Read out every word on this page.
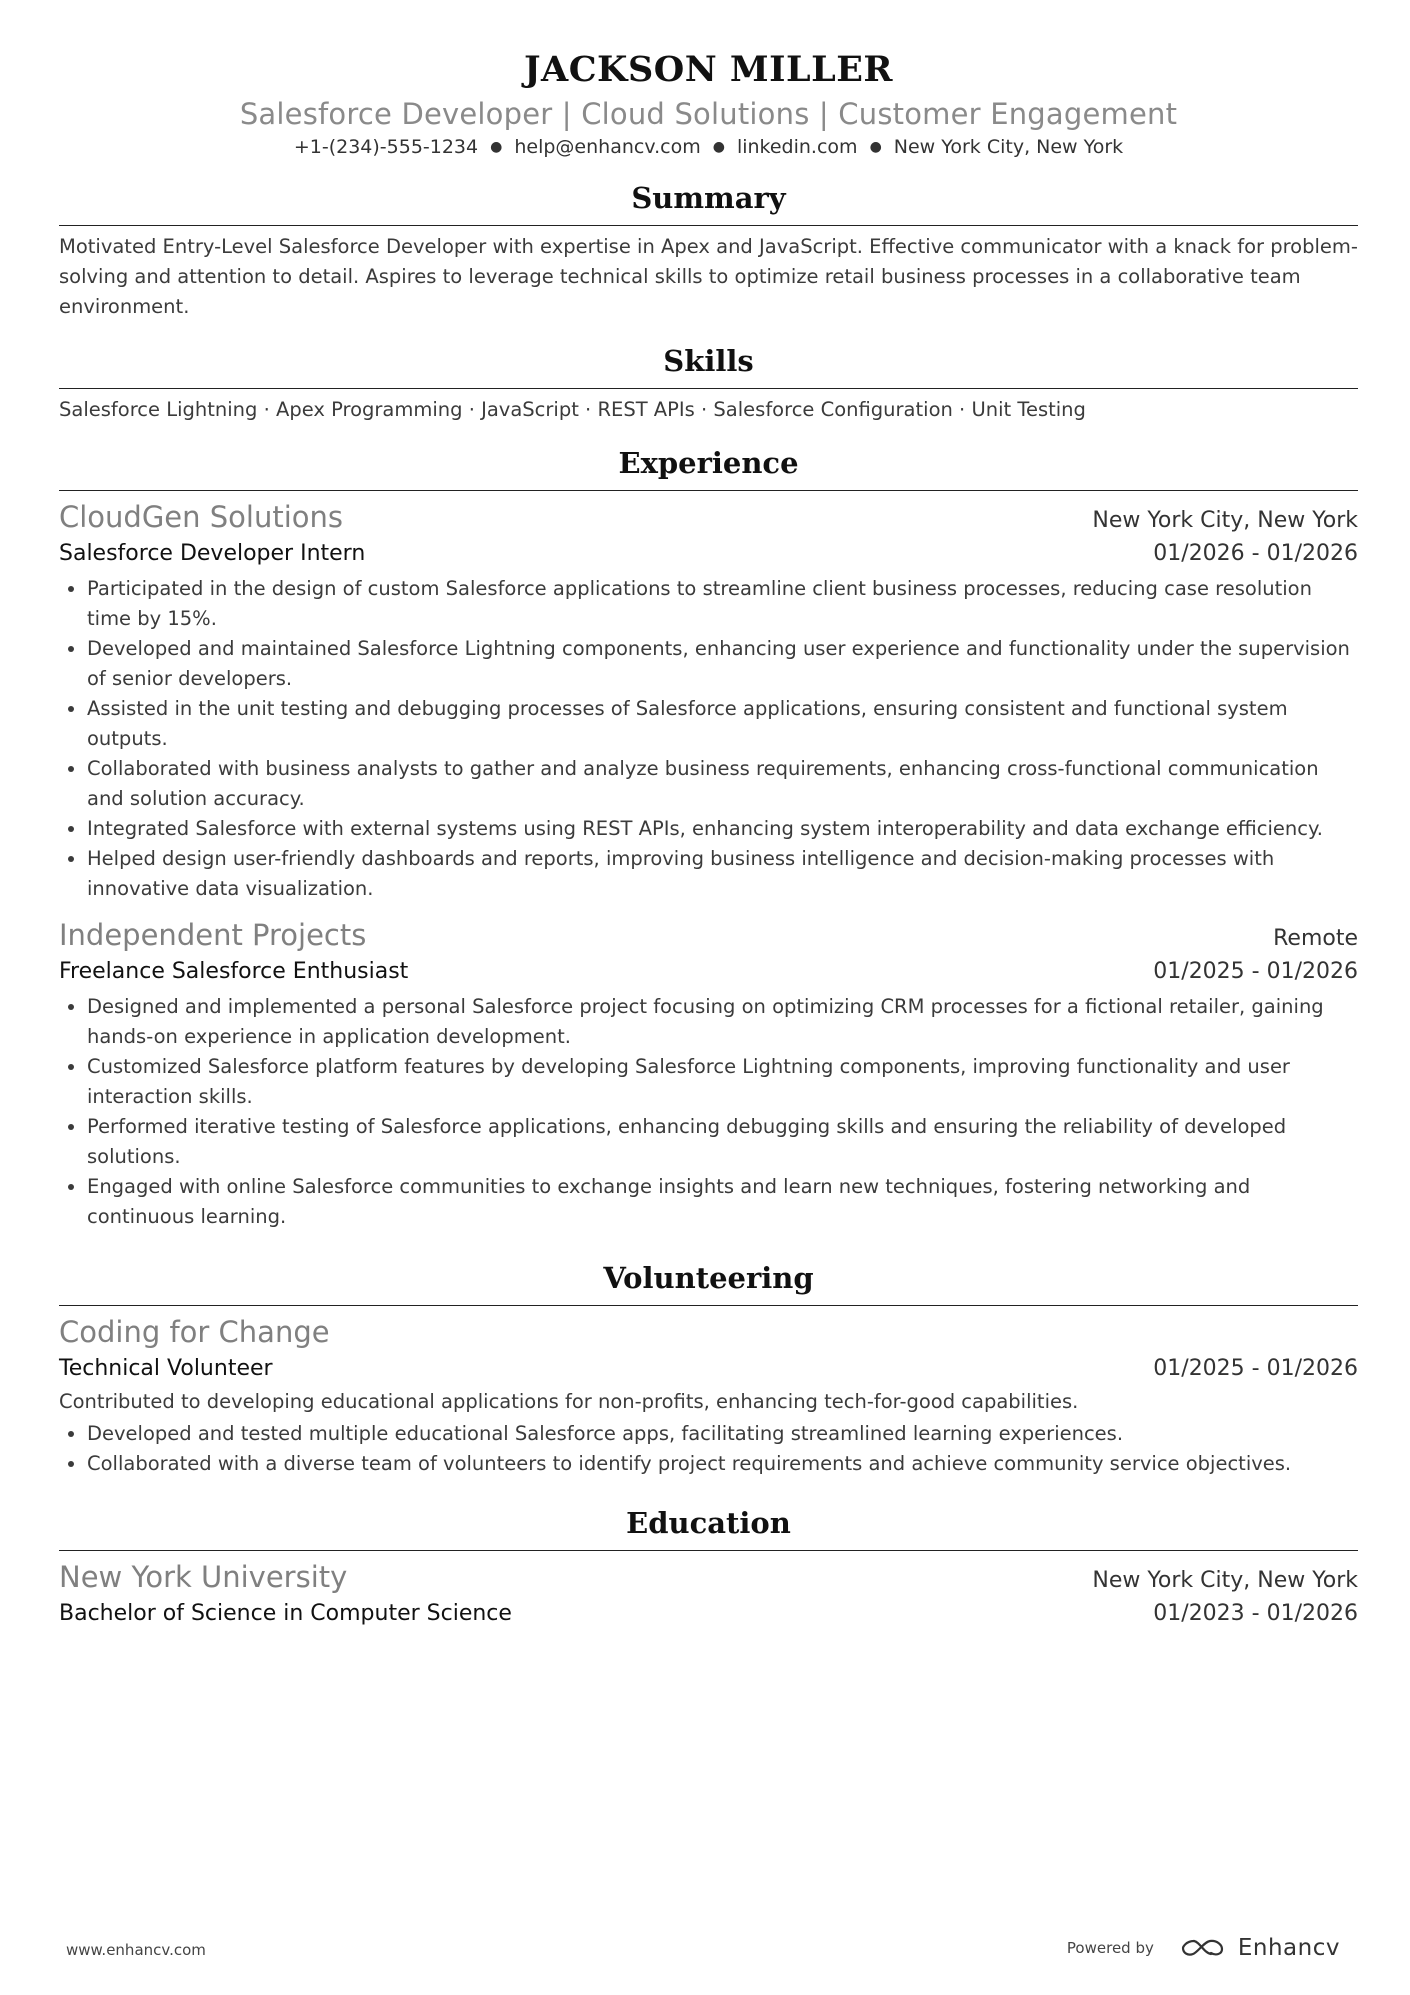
JACKSON MILLER
Salesforce Developer | Cloud Solutions | Customer Engagement
+1-(234)-555-1234 ● help@enhancv.com ● linkedin.com ● New York City, New York
Summary
Motivated Entry-Level Salesforce Developer with expertise in Apex and JavaScript. Effective communicator with a knack for problem-solving and attention to detail. Aspires to leverage technical skills to optimize retail business processes in a collaborative team environment.
Skills
Salesforce Lightning · Apex Programming · JavaScript · REST APIs · Salesforce Configuration · Unit Testing
Experience
CloudGen Solutions	New York City, New York
Salesforce Developer Intern	01/2026 - 01/2026
• Participated in the design of custom Salesforce applications to streamline client business processes, reducing case resolution time by 15%.
• Developed and maintained Salesforce Lightning components, enhancing user experience and functionality under the supervision of senior developers.
• Assisted in the unit testing and debugging processes of Salesforce applications, ensuring consistent and functional system outputs.
• Collaborated with business analysts to gather and analyze business requirements, enhancing cross-functional communication and solution accuracy.
• Integrated Salesforce with external systems using REST APIs, enhancing system interoperability and data exchange efficiency.
• Helped design user-friendly dashboards and reports, improving business intelligence and decision-making processes with innovative data visualization.
Independent Projects	Remote
Freelance Salesforce Enthusiast	01/2025 - 01/2026
• Designed and implemented a personal Salesforce project focusing on optimizing CRM processes for a fictional retailer, gaining hands-on experience in application development.
• Customized Salesforce platform features by developing Salesforce Lightning components, improving functionality and user interaction skills.
• Performed iterative testing of Salesforce applications, enhancing debugging skills and ensuring the reliability of developed solutions.
• Engaged with online Salesforce communities to exchange insights and learn new techniques, fostering networking and continuous learning.
Volunteering
Coding for Change
Technical Volunteer	01/2025 - 01/2026
Contributed to developing educational applications for non-profits, enhancing tech-for-good capabilities.
• Developed and tested multiple educational Salesforce apps, facilitating streamlined learning experiences.
• Collaborated with a diverse team of volunteers to identify project requirements and achieve community service objectives.
Education
New York University	New York City, New York
Bachelor of Science in Computer Science	01/2023 - 01/2026
www.enhancv.com	Powered by	Enhancv
